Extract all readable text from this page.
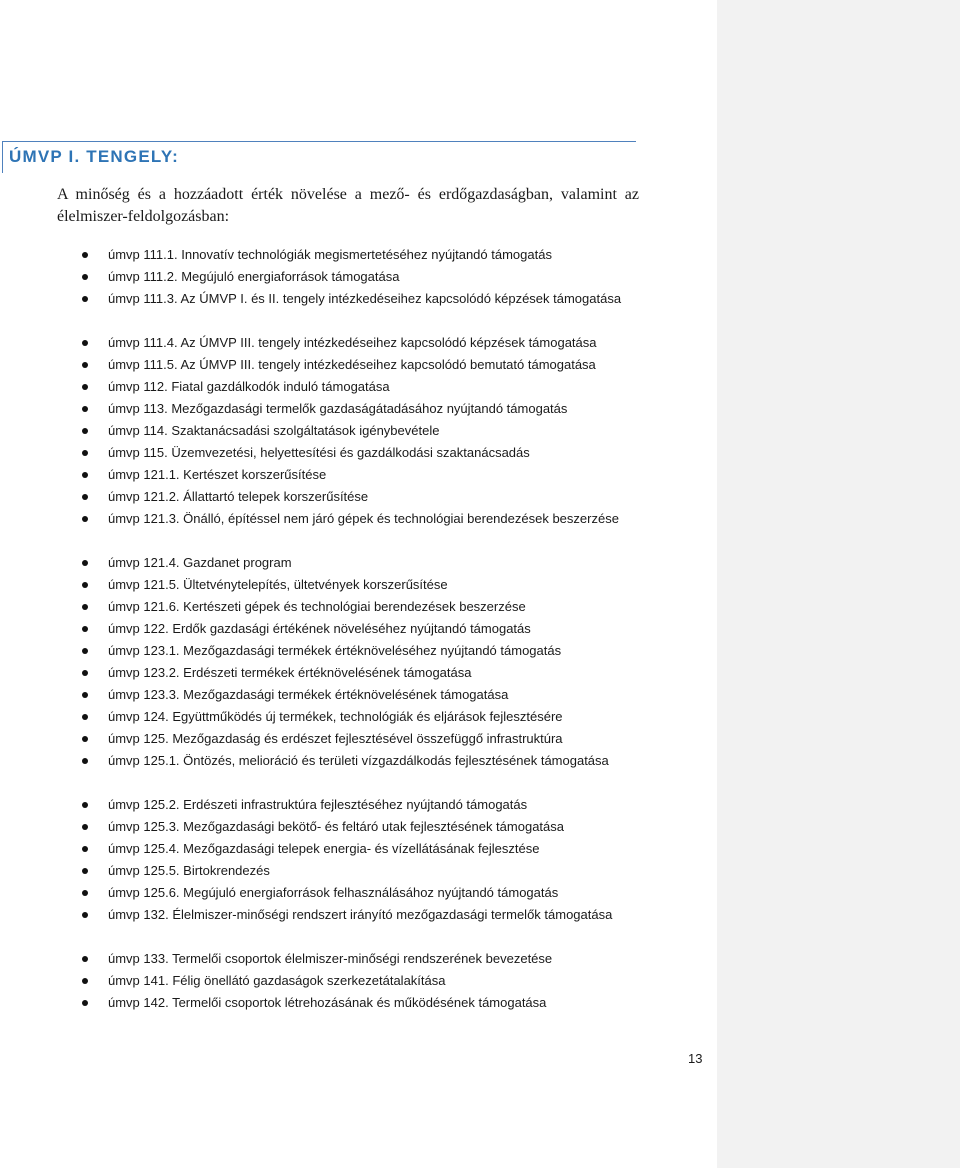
ÚMVP I. TENGELY:

A minőség és a hozzáadott érték növelése a mező- és erdőgazdaságban, valamint az élelmiszer-feldolgozásban:

úmvp 111.1. Innovatív technológiák megismertetéséhez nyújtandó támogatás
úmvp 111.2. Megújuló energiaforrások támogatása
úmvp 111.3. Az ÚMVP I. és II. tengely intézkedéseihez kapcsolódó képzések támogatása
úmvp 111.4. Az ÚMVP III. tengely intézkedéseihez kapcsolódó képzések támogatása
úmvp 111.5. Az ÚMVP III. tengely intézkedéseihez kapcsolódó bemutató támogatása
úmvp 112. Fiatal gazdálkodók induló támogatása
úmvp 113. Mezőgazdasági termelők gazdaságátadásához nyújtandó támogatás
úmvp 114. Szaktanácsadási szolgáltatások igénybevétele
úmvp 115. Üzemvezetési, helyettesítési és gazdálkodási szaktanácsadás
úmvp 121.1. Kertészet korszerűsítése
úmvp 121.2. Állattartó telepek korszerűsítése
úmvp 121.3. Önálló, építéssel nem járó gépek és technológiai berendezések beszerzése
úmvp 121.4. Gazdanet program
úmvp 121.5. Ültetvénytelepítés, ültetvények korszerűsítése
úmvp 121.6. Kertészeti gépek és technológiai berendezések beszerzése
úmvp 122. Erdők gazdasági értékének növeléséhez nyújtandó támogatás
úmvp 123.1. Mezőgazdasági termékek értéknöveléséhez nyújtandó támogatás
úmvp 123.2. Erdészeti termékek értéknövelésének támogatása
úmvp 123.3. Mezőgazdasági termékek értéknövelésének támogatása
úmvp 124. Együttműködés új termékek, technológiák és eljárások fejlesztésére
úmvp 125. Mezőgazdaság és erdészet fejlesztésével összefüggő infrastruktúra
úmvp 125.1. Öntözés, melioráció és területi vízgazdálkodás fejlesztésének támogatása
úmvp 125.2. Erdészeti infrastruktúra fejlesztéséhez nyújtandó támogatás
úmvp 125.3. Mezőgazdasági bekötő- és feltáró utak fejlesztésének támogatása
úmvp 125.4. Mezőgazdasági telepek energia- és vízellátásának fejlesztése
úmvp 125.5. Birtokrendezés
úmvp 125.6. Megújuló energiaforrások felhasználásához nyújtandó támogatás
úmvp 132. Élelmiszer-minőségi rendszert irányító mezőgazdasági termelők támogatása
úmvp 133. Termelői csoportok élelmiszer-minőségi rendszerének bevezetése
úmvp 141. Félig önellátó gazdaságok szerkezetátalakítása
úmvp 142. Termelői csoportok létrehozásának és működésének támogatása

13
